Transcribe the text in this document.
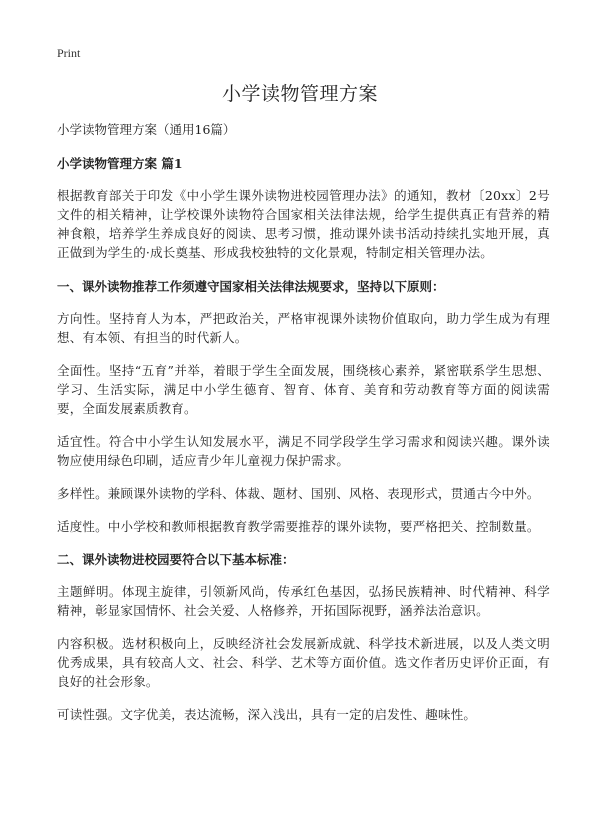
Print
小学读物管理方案

小学读物管理方案（通用16篇）

小学读物管理方案 篇1

根据教育部关于印发《中小学生课外读物进校园管理办法》的通知，教材〔20xx〕2号文件的相关精神，让学校课外读物符合国家相关法律法规，给学生提供真正有营养的精神食粮，培养学生养成良好的阅读、思考习惯，推动课外读书活动持续扎实地开展，真正做到为学生的·成长奠基、形成我校独特的文化景观，特制定相关管理办法。

一、课外读物推荐工作须遵守国家相关法律法规要求，坚持以下原则：

方向性。坚持育人为本，严把政治关，严格审视课外读物价值取向，助力学生成为有理想、有本领、有担当的时代新人。

全面性。坚持“五育”并举，着眼于学生全面发展，围绕核心素养，紧密联系学生思想、学习、生活实际，满足中小学生德育、智育、体育、美育和劳动教育等方面的阅读需要，全面发展素质教育。

适宜性。符合中小学生认知发展水平，满足不同学段学生学习需求和阅读兴趣。课外读物应使用绿色印刷，适应青少年儿童视力保护需求。

多样性。兼顾课外读物的学科、体裁、题材、国别、风格、表现形式，贯通古今中外。

适度性。中小学校和教师根据教育教学需要推荐的课外读物，要严格把关、控制数量。

二、课外读物进校园要符合以下基本标准：

主题鲜明。体现主旋律，引领新风尚，传承红色基因，弘扬民族精神、时代精神、科学精神，彰显家国情怀、社会关爱、人格修养，开拓国际视野，涵养法治意识。

内容积极。选材积极向上，反映经济社会发展新成就、科学技术新进展，以及人类文明优秀成果，具有较高人文、社会、科学、艺术等方面价值。选文作者历史评价正面，有良好的社会形象。

可读性强。文字优美，表达流畅，深入浅出，具有一定的启发性、趣味性。
